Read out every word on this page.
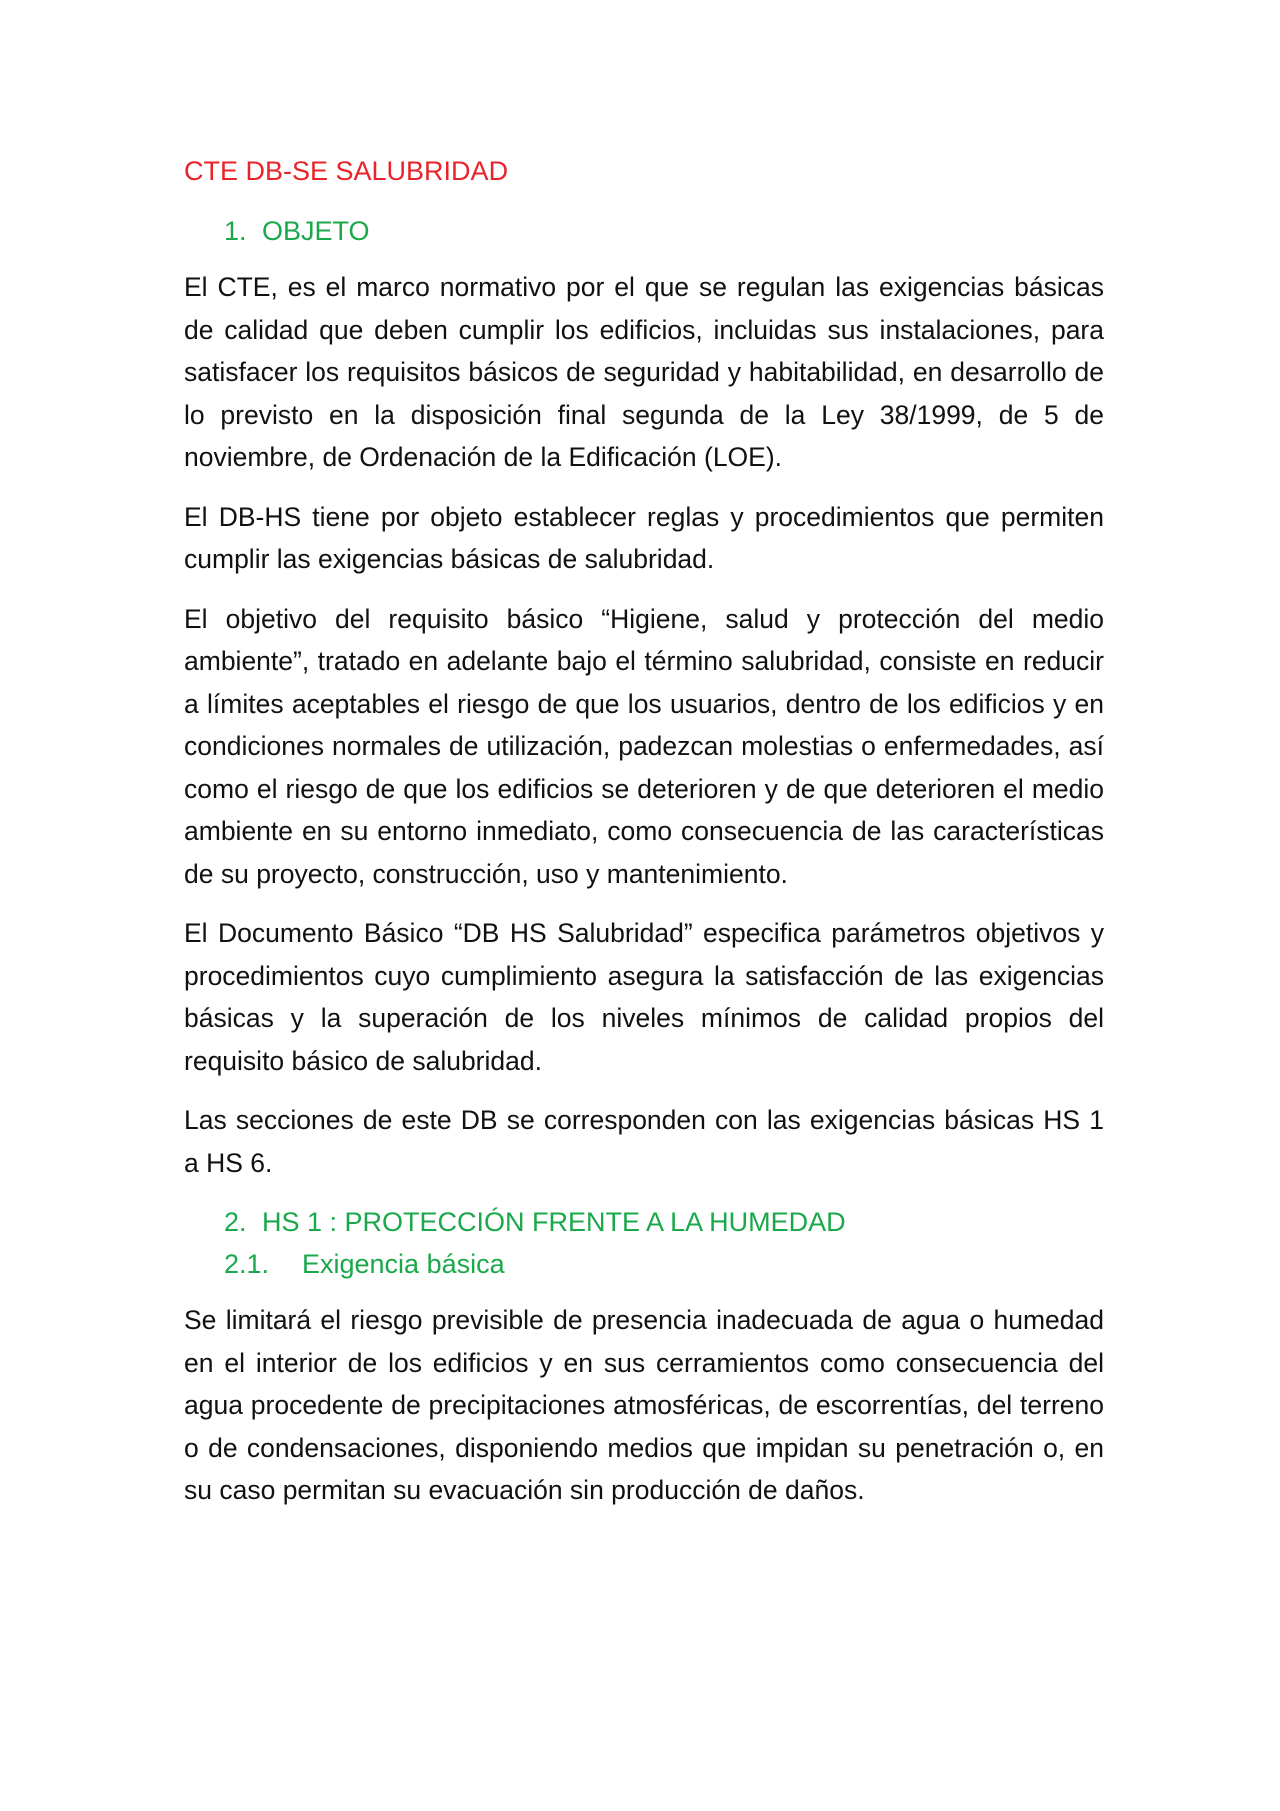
CTE DB-SE SALUBRIDAD
1. OBJETO

El CTE, es el marco normativo por el que se regulan las exigencias básicas de calidad que deben cumplir los edificios, incluidas sus instalaciones, para satisfacer los requisitos básicos de seguridad y habitabilidad, en desarrollo de lo previsto en la disposición final segunda de la Ley 38/1999, de 5 de noviembre, de Ordenación de la Edificación (LOE).

El DB-HS tiene por objeto establecer reglas y procedimientos que permiten cumplir las exigencias básicas de salubridad.

El objetivo del requisito básico “Higiene, salud y protección del medio ambiente”, tratado en adelante bajo el término salubridad, consiste en reducir a límites aceptables el riesgo de que los usuarios, dentro de los edificios y en condiciones normales de utilización, padezcan molestias o enfermedades, así como el riesgo de que los edificios se deterioren y de que deterioren el medio ambiente en su entorno inmediato, como consecuencia de las características de su proyecto, construcción, uso y mantenimiento.

El Documento Básico “DB HS Salubridad” especifica parámetros objetivos y procedimientos cuyo cumplimiento asegura la satisfacción de las exigencias básicas y la superación de los niveles mínimos de calidad propios del requisito básico de salubridad.

Las secciones de este DB se corresponden con las exigencias básicas HS 1 a HS 6.

2. HS 1 : PROTECCIÓN FRENTE A LA HUMEDAD
2.1.	Exigencia básica

Se limitará el riesgo previsible de presencia inadecuada de agua o humedad en el interior de los edificios y en sus cerramientos como consecuencia del agua procedente de precipitaciones atmosféricas, de escorrentías, del terreno o de condensaciones, disponiendo medios que impidan su penetración o, en su caso permitan su evacuación sin producción de daños.
